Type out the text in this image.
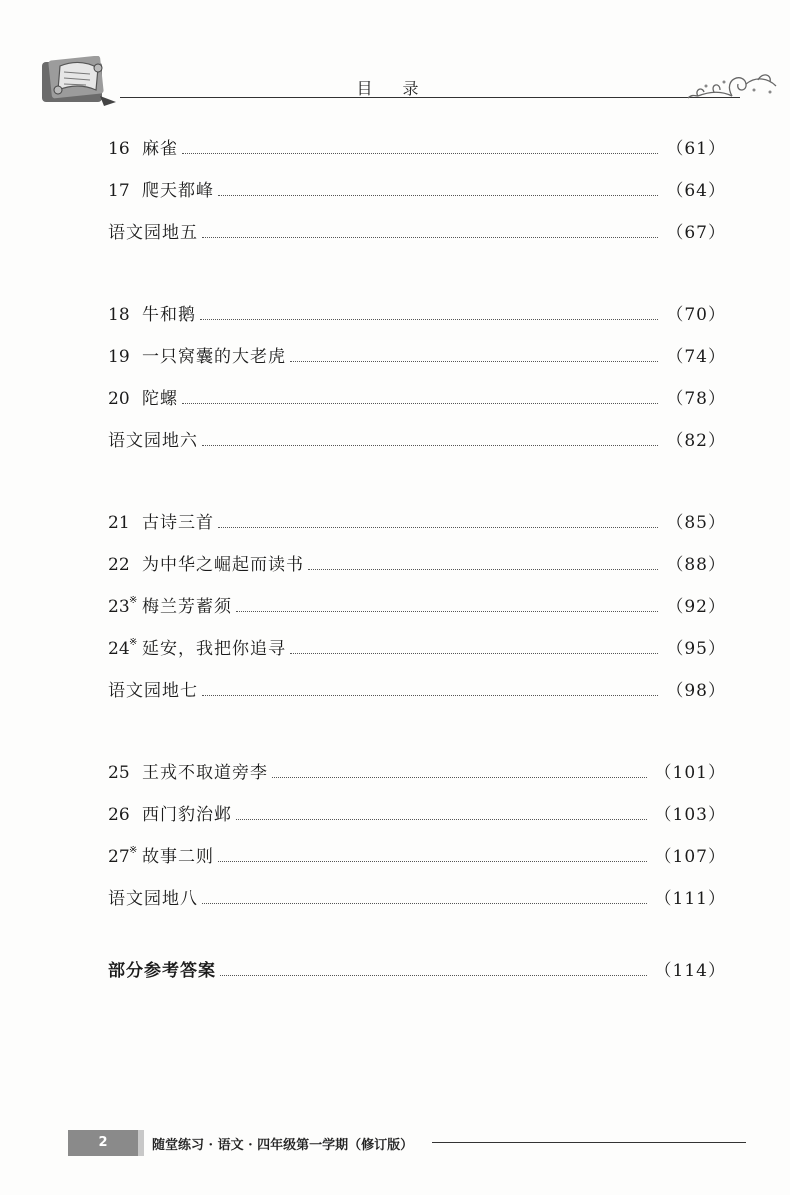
目录
16 麻雀	（61）
17 爬天都峰	（64）
语文园地五	（67）
18 牛和鹅	（70）
19 一只窝囊的大老虎	（74）
20 陀螺	（78）
语文园地六	（82）
21 古诗三首	（85）
22 为中华之崛起而读书	（88）
23 ※ 梅兰芳蓄须	（92）
24 ※ 延安，我把你追寻	（95）
语文园地七	（98）
25 王戎不取道旁李	（101）
26 西门豹治邺	（103）
27 ※ 故事二则	（107）
语文园地八	（111）
部分参考答案	（114）
2	随堂练习 · 语文 · 四年级第一学期（修订版）
